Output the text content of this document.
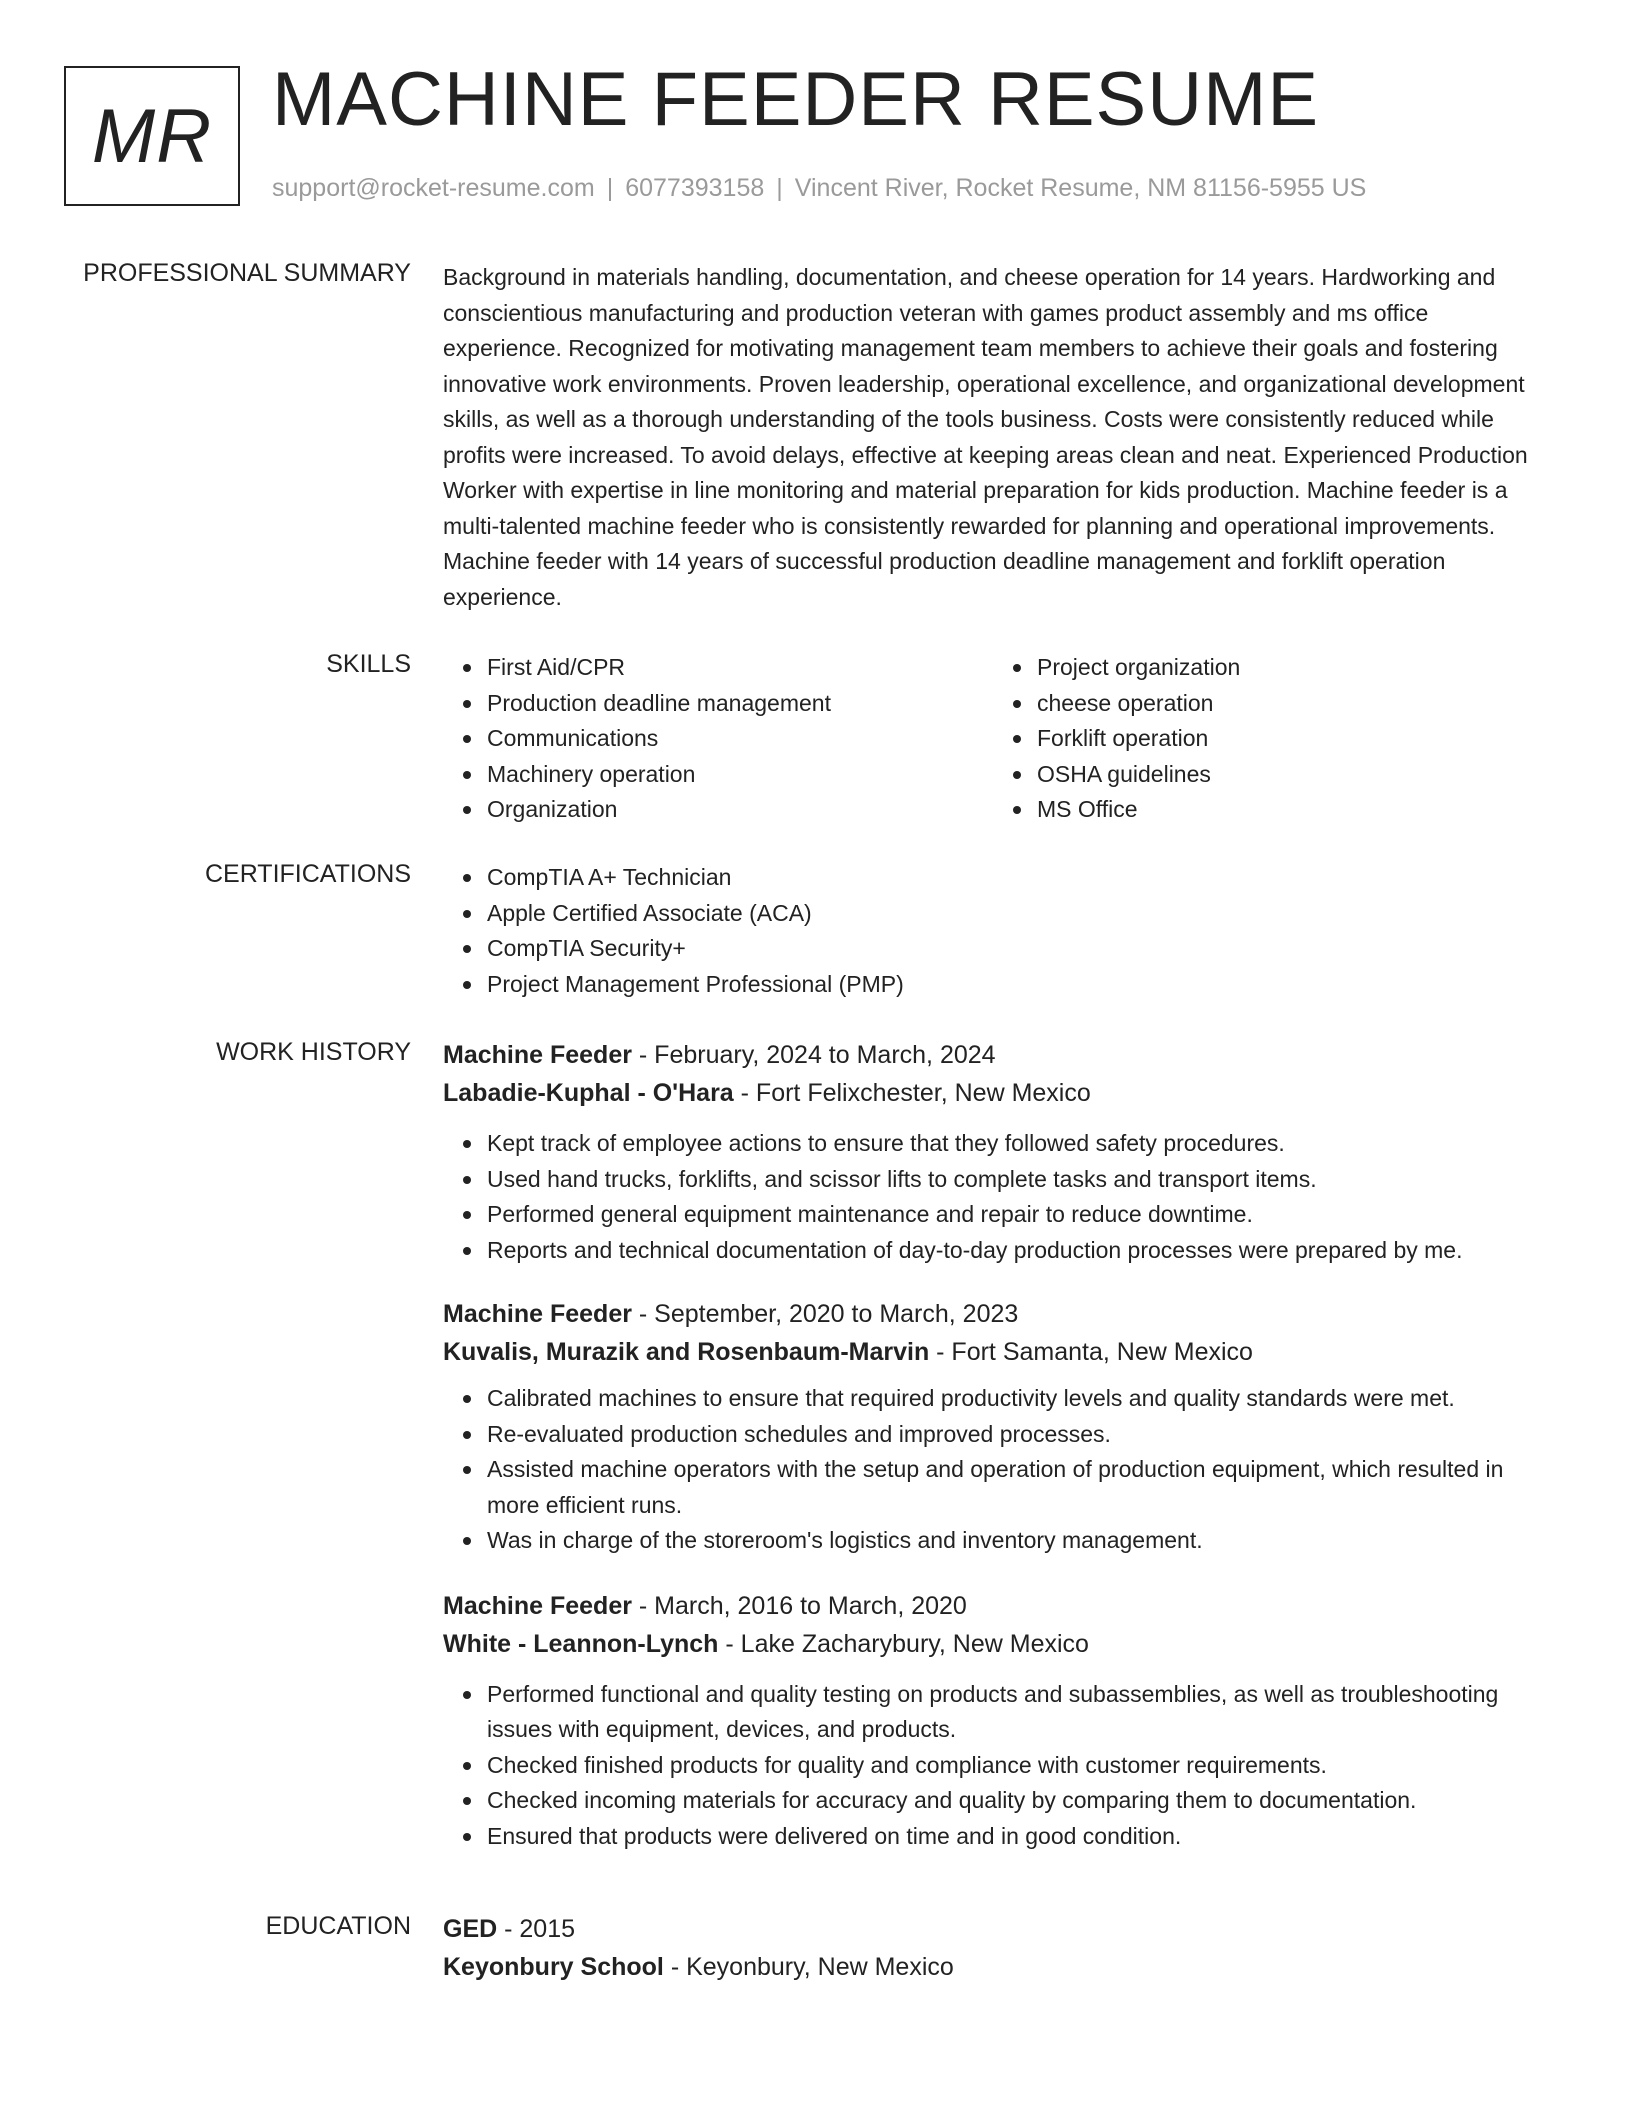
MR MACHINE FEEDER RESUME
support@rocket-resume.com | 6077393158 | Vincent River, Rocket Resume, NM 81156-5955 US
PROFESSIONAL SUMMARY Background in materials handling, documentation, and cheese operation for 14 years. Hardworking and conscientious manufacturing and production veteran with games product assembly and ms office experience. Recognized for motivating management team members to achieve their goals and fostering innovative work environments. Proven leadership, operational excellence, and organizational development skills, as well as a thorough understanding of the tools business. Costs were consistently reduced while profits were increased. To avoid delays, effective at keeping areas clean and neat. Experienced Production Worker with expertise in line monitoring and material preparation for kids production. Machine feeder is a multi-talented machine feeder who is consistently rewarded for planning and operational improvements. Machine feeder with 14 years of successful production deadline management and forklift operation experience.

SKILLS	First Aid/CPR
Production deadline management
Communications
Machinery operation
Organization
Project organization
cheese operation
Forklift operation
OSHA guidelines
MS Office
CERTIFICATIONS	CompTIA A+ Technician
Apple Certified Associate (ACA)
CompTIA Security+
Project Management Professional (PMP)
WORK HISTORY Machine Feeder - February, 2024 to March, 2024
Labadie-Kuphal - O'Hara - Fort Felixchester, New Mexico
Kept track of employee actions to ensure that they followed safety procedures.
Used hand trucks, forklifts, and scissor lifts to complete tasks and transport items.
Performed general equipment maintenance and repair to reduce downtime.
Reports and technical documentation of day-to-day production processes were prepared by me.
Machine Feeder - September, 2020 to March, 2023
Kuvalis, Murazik and Rosenbaum-Marvin - Fort Samanta, New Mexico
Calibrated machines to ensure that required productivity levels and quality standards were met.
Re-evaluated production schedules and improved processes.
Assisted machine operators with the setup and operation of production equipment, which resulted in more efficient runs.
Was in charge of the storeroom's logistics and inventory management.
Machine Feeder - March, 2016 to March, 2020
White - Leannon-Lynch - Lake Zacharybury, New Mexico
Performed functional and quality testing on products and subassemblies, as well as troubleshooting issues with equipment, devices, and products.
Checked finished products for quality and compliance with customer requirements.
Checked incoming materials for accuracy and quality by comparing them to documentation.
Ensured that products were delivered on time and in good condition.
EDUCATION GED - 2015
Keyonbury School - Keyonbury, New Mexico
